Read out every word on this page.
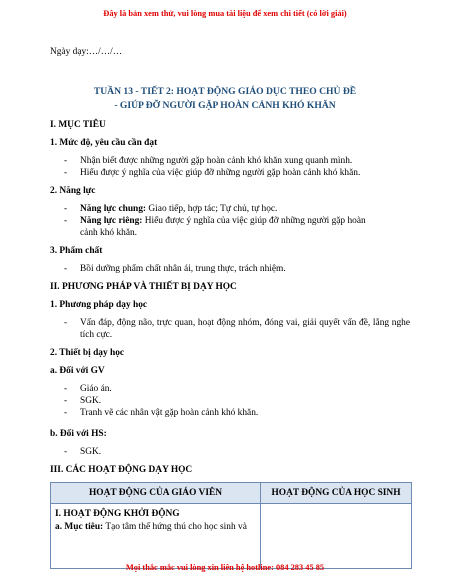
Đây là bản xem thử, vui lòng mua tài liệu để xem chi tiết (có lời giải)
Ngày dạy:…/…/…
TUẦN 13 - TIẾT 2: HOẠT ĐỘNG GIÁO DỤC THEO CHỦ ĐỀ
- GIÚP ĐỠ NGƯỜI GẶP HOÀN CẢNH KHÓ KHĂN
I. MỤC TIÊU
1. Mức độ, yêu cầu cần đạt
- Nhận biết được những người gặp hoàn cảnh khó khăn xung quanh mình.
- Hiểu được ý nghĩa của việc giúp đỡ những người gặp hoàn cảnh khó khăn.
2. Năng lực
- Năng lực chung: Giao tiếp, hợp tác; Tự chủ, tự học.
- Năng lực riêng: Hiểu được ý nghĩa của việc giúp đỡ những người gặp hoàn
cảnh khó khăn.
3. Phẩm chất
- Bồi dưỡng phẩm chất nhân ái, trung thực, trách nhiệm.
II. PHƯƠNG PHÁP VÀ THIẾT BỊ DẠY HỌC
1. Phương pháp dạy học
- Vấn đáp, động não, trực quan, hoạt động nhóm, đóng vai, giải quyết vấn đề, lắng nghe tích cực.
2. Thiết bị dạy học
a. Đối với GV
- Giáo án.
- SGK.
- Tranh vẽ các nhân vật gặp hoàn cảnh khó khăn.
b. Đối với HS:
- SGK.
III. CÁC HOẠT ĐỘNG DẠY HỌC
HOẠT ĐỘNG CỦA GIÁO VIÊN	HOẠT ĐỘNG CỦA HỌC SINH

I. HOẠT ĐỘNG KHỞI ĐỘNG
a. Mục tiêu: Tạo tâm thế hứng thú cho học sinh và	

Mọi thắc mắc vui lòng xin liên hệ hotline: 084 283 45 85
